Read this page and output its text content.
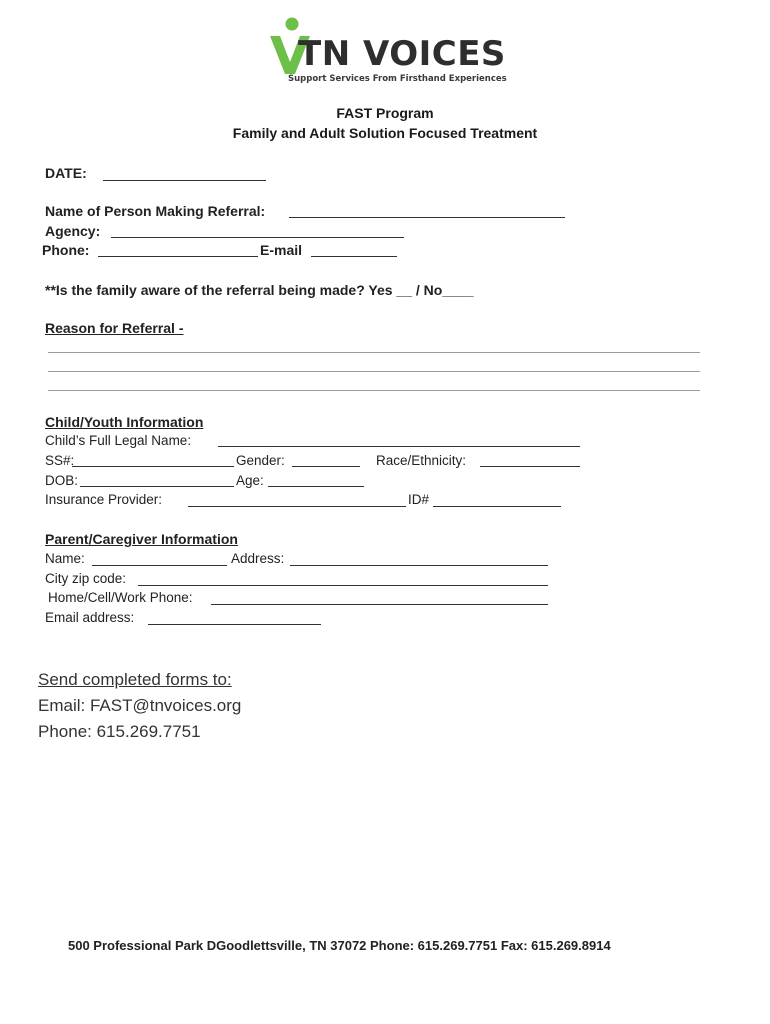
TN VOICES
Support Services From Firsthand Experiences
FAST Program
Family and Adult Solution Focused Treatment
DATE:
Name of Person Making Referral:
Agency:
Phone:	E-mail
**Is the family aware of the referral being made? Yes __ / No____
Reason for Referral -
Child/Youth Information
Child’s Full Legal Name:
SS#:	Gender:	Race/Ethnicity:
DOB:	Age:
Insurance Provider:	ID#
Parent/Caregiver Information
Name:	Address:
City zip code:
Home/Cell/Work Phone:
Email address:
Send completed forms to:
Email: FAST@tnvoices.org
Phone: 615.269.7751
500 Professional Park DGoodlettsville, TN 37072 Phone: 615.269.7751 Fax: 615.269.8914
